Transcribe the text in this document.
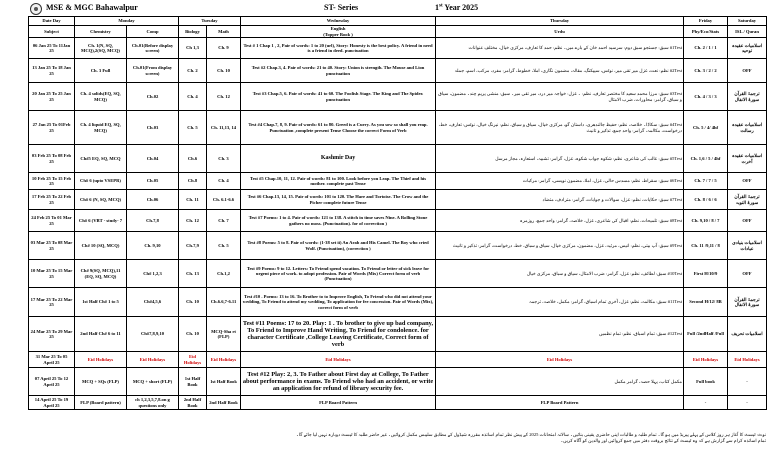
MSE & MGC Bahawalpur	ST- Series	1st Year 2025
Date Day	Monday		Tuesday		Wednesday	Thursday	Friday	Saturday
Subject	Chemistry	Comp	Biology	Math	English
(Topper Book )	Urdu	Phy/Eco/Stats	ISL / Quran
06 Jan 25 To 11Jan 25	Ch. 1(N, SQ, MCQ),2(SQ, MCQ)	Ch.01(Before display screen)	Ch 1,3	Ch. 9	Test # 1 Chap 1 , 2, Pair of words: 1 to 20 (url), Story: Honesty is the best policy. A friend in need is a friend in deed. punctuation	#1Test سبق: جستجو سبق دوم: سرسید احمد خان کے بارے میں۔ نظم: حمد کا تعارف، مرکزی خیال، مختلف عنوانات	Ch. 2 / 1 / 1	اسلامیات عقیدہ توحید
13 Jan 25 To 18 Jan 25	Ch. 3 Full	Ch.01(From display screen)	Ch. 2	Ch. 10	Test #2 Chap.3, 4. Pair of words: 21 to 40. Story: Union is strength. The Mouse and Lion punctuation	#2Test نظم: نعت، غزل میر تقی میر، نوٹس، سپیکنگ، مقالہ، مضمون نگاری، املا، خطوط، گرامر: مفرد، مرکب، اسم، جملہ	Ch. 3 / 2 / 2	OFF
20 Jan 25 To 25 Jan 25	Ch. 4 solids(EQ, SQ, MCQ)	Ch.02	Ch. 4	Ch. 12	Test #3 Chap.5, 6. Pair of words: 41 to 60. The Foolish Stage. The King and The Spider. punctuation	#3Test سبق: مرزا محمد سعید کا مختصر تعارف، نظم: ۔ غزل: خواجہ میر درد، میر تقی میر۔ سبق: منشی پریم چند۔ مضمون، سیاق و سباق، گرامر: محاورات، ضرب الامثال	Ch. 4 / 3 / 3	ترجمۃ القرآن سورۃ الانفال
27 Jan 25 To 01Feb 25	Ch. 4 liquid EQ, SQ, MCQ)	Ch.03	Ch. 5	Ch. 11,13, 14	Test #4 Chap.7, 8, 9. Pair of words: 61 to 80. Greed is a Curry. As you sow so shall you reap. Punctuation ,complete present Tense Choose the correct Form of Verb	#4Test سبق: سکاڈا۔ خلاصہ، نظم: حفیظ جالندھری، داستان گو، مرکزی خیال، سیاق و سباق، نظم: نیرنگ خیال، نوٹس: تعارف، خط، درخواست، مکالمہ، گرامر: واحد جمع، تذکیر و تانیث	Ch. 5 / 4/ 4hf	اسلامیات عقیدہ رسالت
03 Feb 25 To 08 Feb 25	Ch#5 EQ, SQ, MCQ	Ch.04	Ch.6	Ch. 3	Kashmir Day	#5Test سبق: غالب کی شاعری، نظم: شکوہ جواب شکوہ، غزل، گرامر: تشبیہ، استعارہ، مجاز مرسل	Ch. 1,6 / 5 / 4hf	اسلامیات عقیدہ آخرت
10 Feb 25 To 15 Feb 25	Ch# 6 (upto VSEPR)	Ch.05	Ch.8	Ch. 4	Test #5 Chap.10, 11, 12. Pair of words: 81 to 100. Look before you Leap. The Thief and his mother. complete past Tense	#6Test سبق: سقراط، نظم: مسدس حالی، غزل، املا، مضمون نویسی، گرامر: مرکبات	Ch. 7 / 7 / 5	OFF
17 Feb 25 To 22 Feb 25	Ch# 6 (N, SQ, MCQ)	Ch.06	Ch. 11	Ch. 6.1-6.6	Test #6 Chap.13, 14, 15. Pair of words: 101 to 120. The Hare and Tortoise. The Crow and the Picher complete future Tense	#7Test سبق: حکایات، نظم: غزل، سوالات و جوابات، گرامر: مترادف، متضاد	Ch. 8 / 6 / 6	ترجمۃ القرآن سورۃ التوبہ
24 Feb 25 To 01 Mar 25	Ch# 6 (VBT - study- 7	Ch.7,8	Ch. 12	Ch. 7	Test #7 Poems: 1 to 4. Pair of words: 121 to 138. A stitch in time saves Nine. A Rolling Stone gathers no moss. (Punctuation). for of correction )	#8Test سبق: تلمیحات، نظم: اقبال کی شاعری، غزل، خلاصہ، گرامر: واحد جمع، روزمرہ	Ch. 9,10 / 8 / 7	OFF
03 Mar 25 To 08 Mar 25	Ch# 10 (SQ, MCQ)	Ch. 9,10	Ch.7,9	Ch. 5	Test #8 Poems: 5 to 8. Pair of words: (1-38 set ii) An Arab and His Camel. The Boy who cried Wolf. (Punctuation), (correction )	#9Test سبق: آپ بیتی، نظم: انیس، مرثیہ، غزل، مضمون، مرکزی خیال، سیاق و سباق، خط، درخواست، گرامر: تذکیر و تانیث	Ch. 11 /9,11 / 8	اسلامیات بنیادی عبادات
10 Mar 25 To 15 Mar 25	Ch# 9(SQ, MCQ),11 (EQ, SQ, MCQ)	Ch# 1,2,3	Ch. 13	Ch.1,2	Test #9 Poems: 9 to 12. Letters: To Friend spend vacation. To Friend or letter of sick leave for urgent piece of work. to adopt profession. Pair of Words (Mix) Correct form of verb (Punctuation)	#10Test سبق: لطائف، نظم: غزل، گرامر: ضرب الامثال، سیاق و سباق، مرکزی خیال	First H/10/9	OFF
17 Mar 25 To 22 Mar 25	1st Half Ch# 1 to 5	Ch#4,5,6	Ch. 10	Ch.6.6,7-6.11	Test #10 . Poems: 13 to 16. To Brother to to Improve English, To Friend who did not attend your wedding, To Friend to attend my wedding, To application for fee concession. Pair of Words (Mix), correct form of verb	#11Test سبق: مکالمہ، نظم: غزل، آخری تمام اسباق، گرامر: مکمل، خلاصہ، ترجمہ	Second H/12/ 8B	ترجمۃ القرآن سورۃ الانفال
24 Mar 25 To 29 Mar 25	2nd Half Ch# 6 to 11	Ch#7,8,9,10	Ch. 10	MCQ-Sha rt (FLP)	Test #11 Poems: 17 to 20. Play: 1 . To brother to give up bad company, To Friend to Improve Hand Writing, To Friend for condolence. for character Certificate ,College Leaving Certificate, Correct form of verb	#12Test سبق: تمام اسباق، نظم: تمام نظمیں	Full /2ndHalf /Full	اسلامیات تحریف
31 Mar 25 To 05 April 25	Eid Holidays	Eid Holidays	Eid Holidays	Eid Holidays	Eid Holidays	Eid Holidays	Eid Holidays	Eid Holidays
07 April 25 To 12 April 25	MCQ + SQs (FLP)	MCQ + short (FLP)	1st Half Book	1st Half Book	Test #12 Play: 2, 3. To Father about First day at College, To Father about performance in exams. To Friend who had an accident, or write an application for refund of library security fee.	مکمل کتاب، پہلا حصہ، گرامر مکمل	Full book	-
14 April 25 To 19 April 25	FLP (Board pattern)	ch 1,2,3,5,7,8.on g questions only	2nd Half Book	2nd Half Book	FLP Board Pattern	FLP Board Pattern	-	-
نوٹ: ٹیسٹ کا آغاز ہر روز کلاس کے پہلے پیریڈ میں ہو گا۔ تمام طلبہ و طالبات اپنی حاضری یقینی بنائیں۔ سالانہ امتحانات 2025 کے پیش نظر تمام اساتذہ مقررہ شیڈول کے مطابق سلیبس مکمل کروائیں۔ غیر حاضر طلبہ کا ٹیسٹ دوبارہ نہیں لیا جائے گا۔
تمام اساتذہ کرام سے گزارش ہے کہ وہ ٹیسٹ کے نتائج بروقت دفتر میں جمع کروائیں اور والدین کو آگاہ کریں۔
